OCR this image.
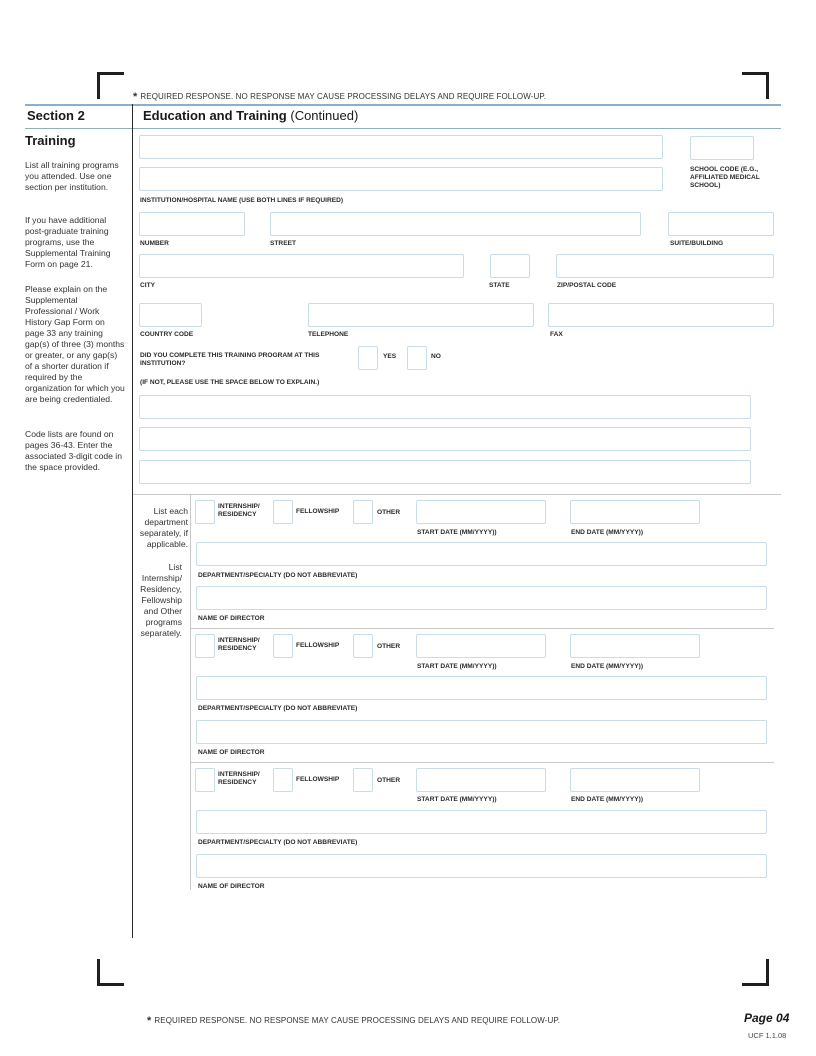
* REQUIRED RESPONSE. NO RESPONSE MAY CAUSE PROCESSING DELAYS AND REQUIRE FOLLOW-UP.
Section 2	Education and Training (Continued)
Training
List all training programs you attended. Use one section per institution.
If you have additional post-graduate training programs, use the Supplemental Training Form on page 21.
Please explain on the Supplemental Professional / Work History Gap Form on page 33 any training gap(s) of three (3) months or greater, or any gap(s) of a shorter duration if required by the organization for which you are being credentialed.
Code lists are found on pages 36-43. Enter the associated 3-digit code in the space provided.
INSTITUTION/HOSPITAL NAME (USE BOTH LINES IF REQUIRED)
SCHOOL CODE (E.G., AFFILIATED MEDICAL SCHOOL)
NUMBER	STREET	SUITE/BUILDING
CITY	STATE	ZIP/POSTAL CODE
COUNTRY CODE	TELEPHONE	FAX
DID YOU COMPLETE THIS TRAINING PROGRAM AT THIS INSTITUTION?
YES	NO
(IF NOT, PLEASE USE THE SPACE BELOW TO EXPLAIN.)
List each department separately, if applicable.
List Internship/ Residency, Fellowship and Other programs separately.
INTERNSHIP/ RESIDENCY	FELLOWSHIP	OTHER
START DATE (MM/YYYY))	END DATE (MM/YYYY))
DEPARTMENT/SPECIALTY (DO NOT ABBREVIATE)
NAME OF DIRECTOR
INTERNSHIP/ RESIDENCY	FELLOWSHIP	OTHER
START DATE (MM/YYYY))	END DATE (MM/YYYY))
DEPARTMENT/SPECIALTY (DO NOT ABBREVIATE)
NAME OF DIRECTOR
INTERNSHIP/ RESIDENCY	FELLOWSHIP	OTHER
START DATE (MM/YYYY))	END DATE (MM/YYYY))
DEPARTMENT/SPECIALTY (DO NOT ABBREVIATE)
NAME OF DIRECTOR
* REQUIRED RESPONSE. NO RESPONSE MAY CAUSE PROCESSING DELAYS AND REQUIRE FOLLOW-UP.	Page 04
UCF 1.1.08
